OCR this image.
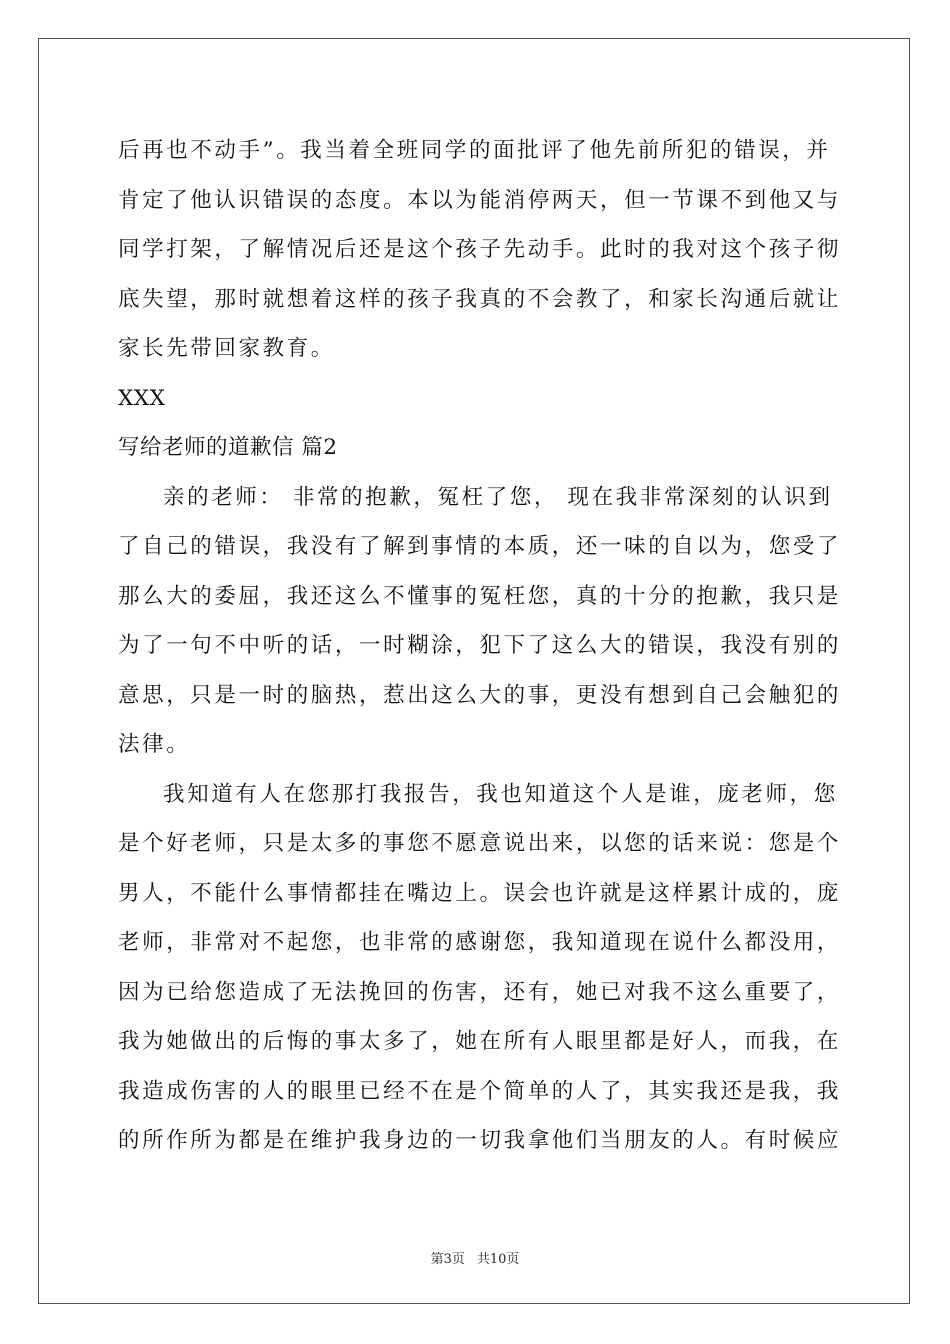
后再也不动手”。我当着全班同学的面批评了他先前所犯的错误，并
肯定了他认识错误的态度。本以为能消停两天，但一节课不到他又与
同学打架，了解情况后还是这个孩子先动手。此时的我对这个孩子彻
底失望，那时就想着这样的孩子我真的不会教了，和家长沟通后就让
家长先带回家教育。
XXX
写给老师的道歉信 篇2
亲的老师： 非常的抱歉，冤枉了您， 现在我非常深刻的认识到
了自己的错误，我没有了解到事情的本质，还一味的自以为，您受了
那么大的委屈，我还这么不懂事的冤枉您，真的十分的抱歉，我只是
为了一句不中听的话，一时糊涂，犯下了这么大的错误，我没有别的
意思，只是一时的脑热，惹出这么大的事，更没有想到自己会触犯的
法律。
我知道有人在您那打我报告，我也知道这个人是谁，庞老师，您
是个好老师，只是太多的事您不愿意说出来，以您的话来说：您是个
男人，不能什么事情都挂在嘴边上。误会也许就是这样累计成的，庞
老师，非常对不起您，也非常的感谢您，我知道现在说什么都没用，
因为已给您造成了无法挽回的伤害，还有，她已对我不这么重要了，
我为她做出的后悔的事太多了，她在所有人眼里都是好人，而我，在
我造成伤害的人的眼里已经不在是个简单的人了，其实我还是我，我
的所作所为都是在维护我身边的一切我拿他们当朋友的人。有时候应
第3页 共10页
